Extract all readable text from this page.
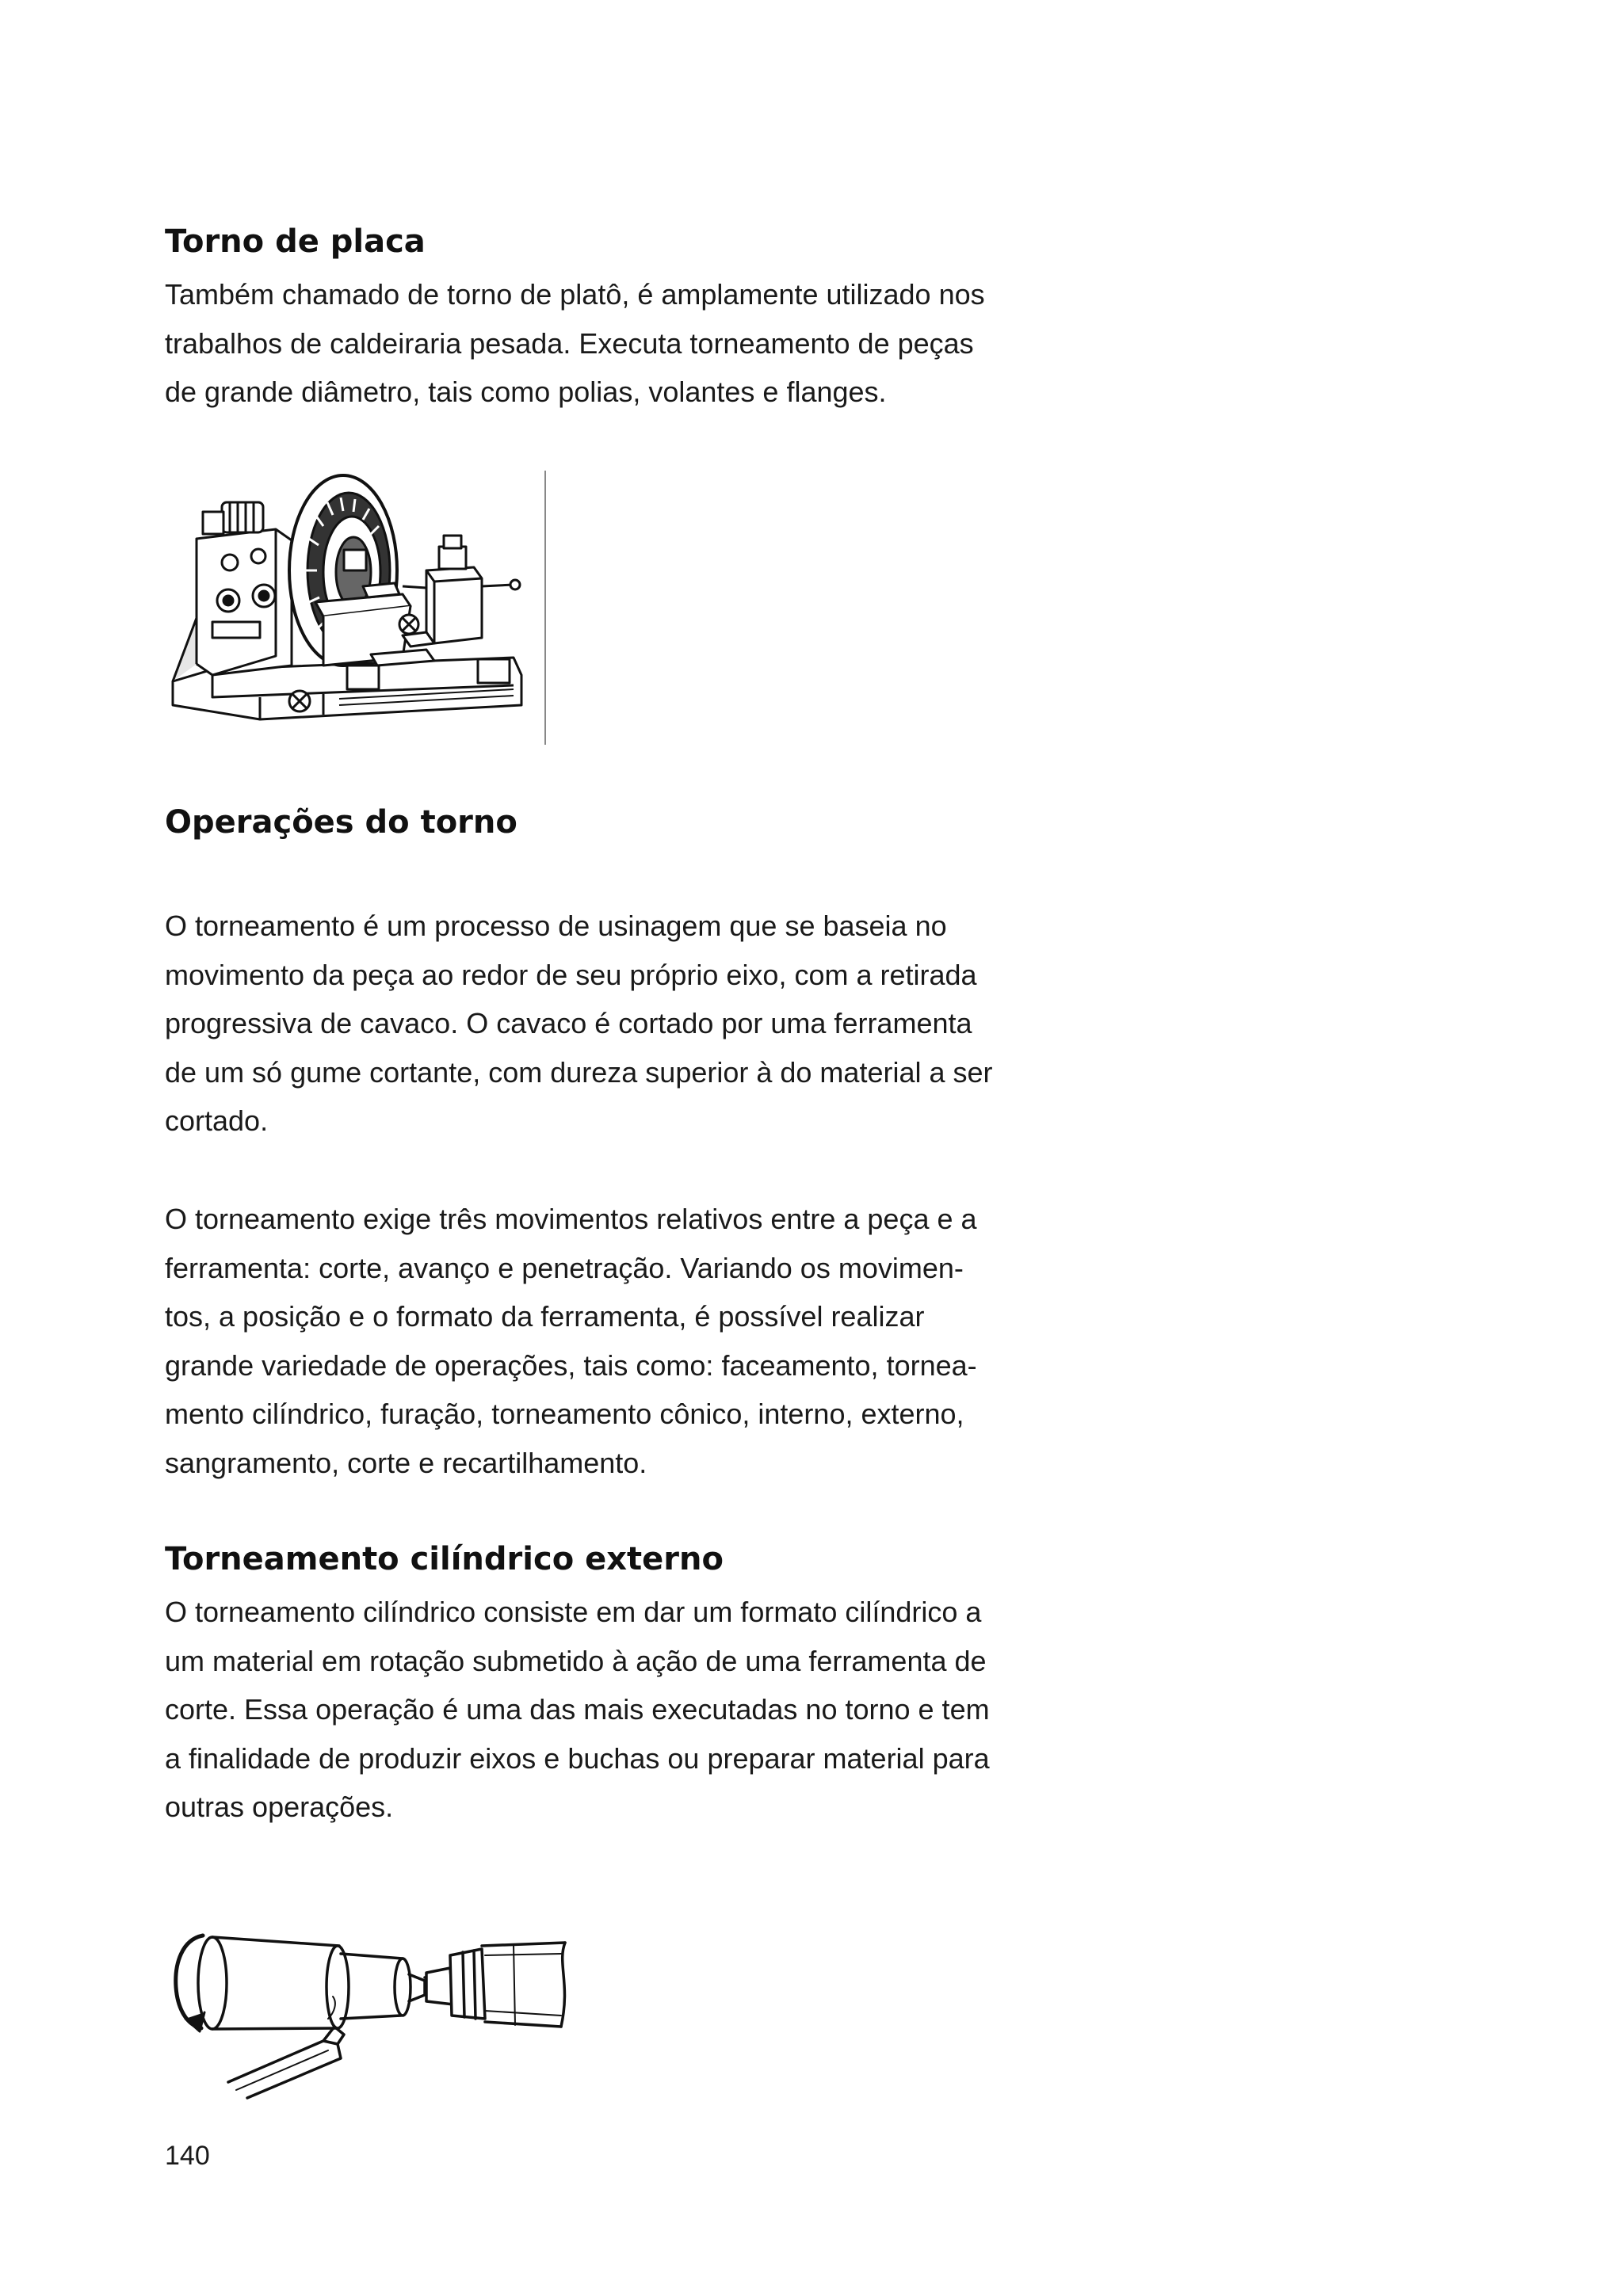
Torno de placa

Também chamado de torno de platô, é amplamente utilizado nos
trabalhos de caldeiraria pesada. Executa torneamento de peças
de grande diâmetro, tais como polias, volantes e flanges.

Operações do torno

O torneamento é um processo de usinagem que se baseia no
movimento da peça ao redor de seu próprio eixo, com a retirada
progressiva de cavaco. O cavaco é cortado por uma ferramenta
de um só gume cortante, com dureza superior à do material a ser
cortado.

O torneamento exige três movimentos relativos entre a peça e a
ferramenta: corte, avanço e penetração. Variando os movimen-
tos, a posição e o formato da ferramenta, é possível realizar
grande variedade de operações, tais como: faceamento, tornea-
mento cilíndrico, furação, torneamento cônico, interno, externo,
sangramento, corte e recartilhamento.

Torneamento cilíndrico externo

O torneamento cilíndrico consiste em dar um formato cilíndrico a
um material em rotação submetido à ação de uma ferramenta de
corte. Essa operação é uma das mais executadas no torno e tem
a finalidade de produzir eixos e buchas ou preparar material para
outras operações.

140
